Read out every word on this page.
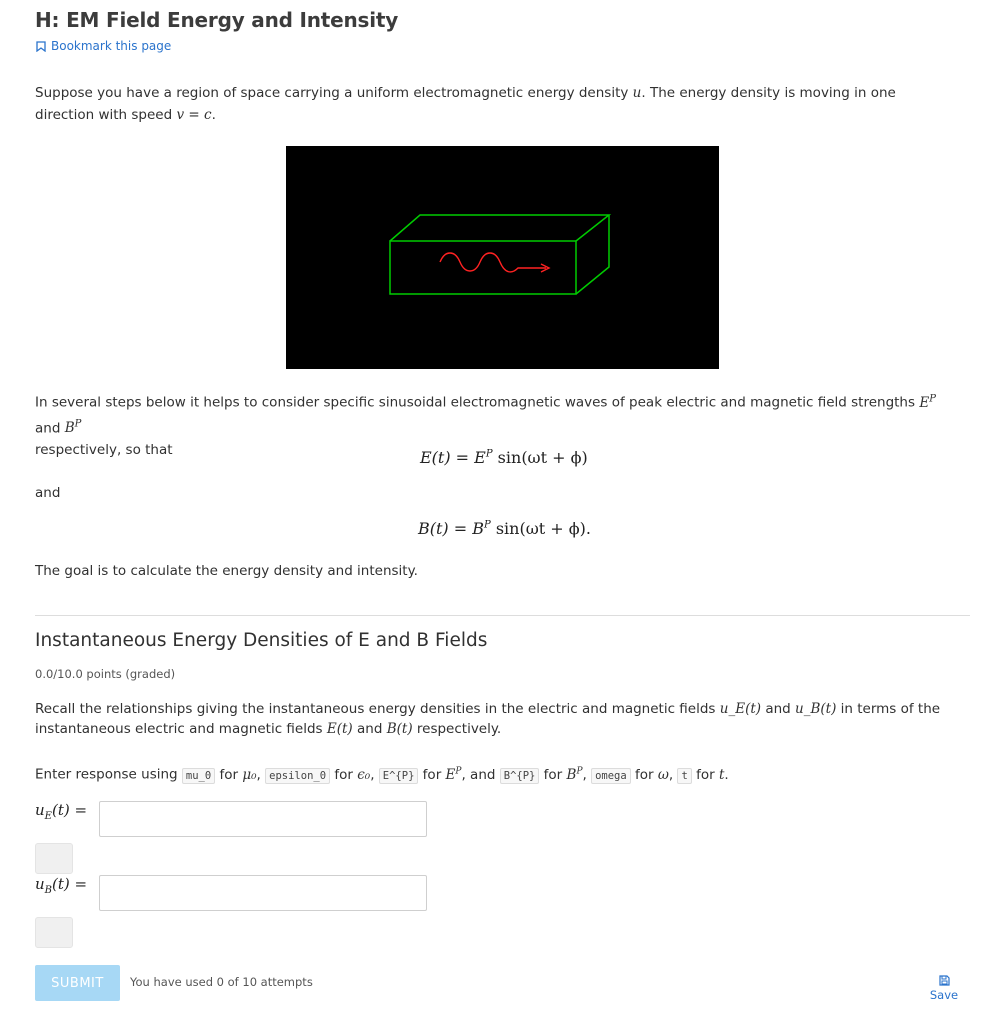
H: EM Field Energy and Intensity
Bookmark this page
Suppose you have a region of space carrying a uniform electromagnetic energy density u. The energy density is moving in one direction with speed v = c.
In several steps below it helps to consider specific sinusoidal electromagnetic waves of peak electric and magnetic field strengths $E^P$ and $B^P$
respectively, so that	$E(t) = E^P$ sin(ωt + ϕ)
and
$B(t) = B^P$ sin(ωt + ϕ).
The goal is to calculate the energy density and intensity.
Instantaneous Energy Densities of E and B Fields
0.0/10.0 points (graded)
Recall the relationships giving the instantaneous energy densities in the electric and magnetic fields u_E(t) and u_B(t) in terms of the instantaneous electric and magnetic fields E(t) and B(t) respectively.
Enter response using mu_0 for μ₀, epsilon_0 for ϵ₀, E^{P} for $E^P$, and B^{P} for $B^P$, omega for ω, t for t.
$u_E(t)$ =
$u_B(t)$ =
SUBMIT	You have used 0 of 10 attempts
Save
